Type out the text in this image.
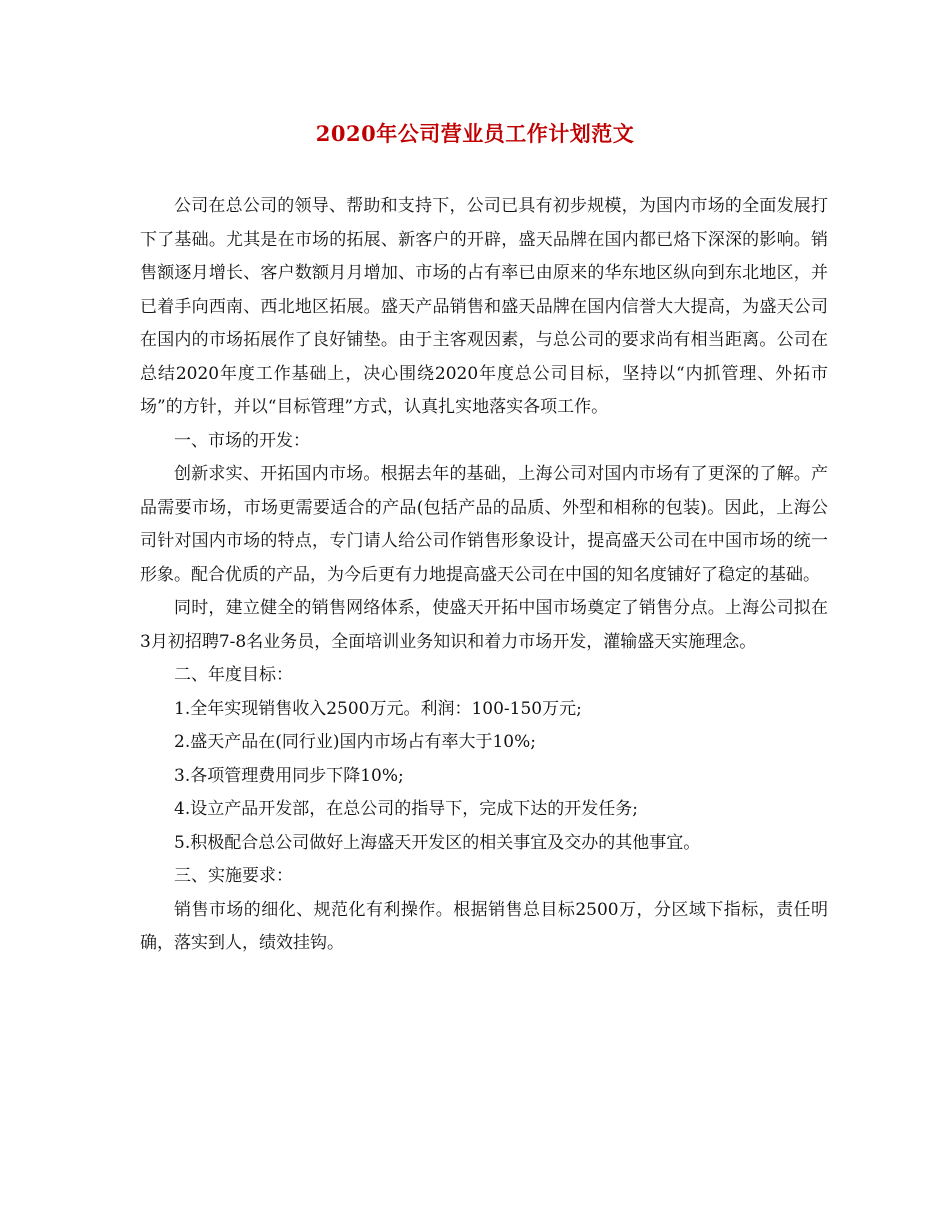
2020年公司营业员工作计划范文

公司在总公司的领导、帮助和支持下，公司已具有初步规模，为国内市场的全面发展打下了基础。尤其是在市场的拓展、新客户的开辟，盛天品牌在国内都已烙下深深的影响。销售额逐月增长、客户数额月月增加、市场的占有率已由原来的华东地区纵向到东北地区，并已着手向西南、西北地区拓展。盛天产品销售和盛天品牌在国内信誉大大提高，为盛天公司在国内的市场拓展作了良好铺垫。由于主客观因素，与总公司的要求尚有相当距离。公司在总结2020年度工作基础上，决心围绕2020年度总公司目标，坚持以“内抓管理、外拓市场”的方针，并以“目标管理”方式，认真扎实地落实各项工作。

一、市场的开发：

创新求实、开拓国内市场。根据去年的基础，上海公司对国内市场有了更深的了解。产品需要市场，市场更需要适合的产品(包括产品的品质、外型和相称的包装)。因此，上海公司针对国内市场的特点，专门请人给公司作销售形象设计，提高盛天公司在中国市场的统一形象。配合优质的产品，为今后更有力地提高盛天公司在中国的知名度铺好了稳定的基础。

同时，建立健全的销售网络体系，使盛天开拓中国市场奠定了销售分点。上海公司拟在3月初招聘7-8名业务员，全面培训业务知识和着力市场开发，灌输盛天实施理念。

二、年度目标：

1.全年实现销售收入2500万元。利润：100-150万元;

2.盛天产品在(同行业)国内市场占有率大于10%;

3.各项管理费用同步下降10%;

4.设立产品开发部，在总公司的指导下，完成下达的开发任务;

5.积极配合总公司做好上海盛天开发区的相关事宜及交办的其他事宜。

三、实施要求：

销售市场的细化、规范化有利操作。根据销售总目标2500万，分区域下指标，责任明确，落实到人，绩效挂钩。
